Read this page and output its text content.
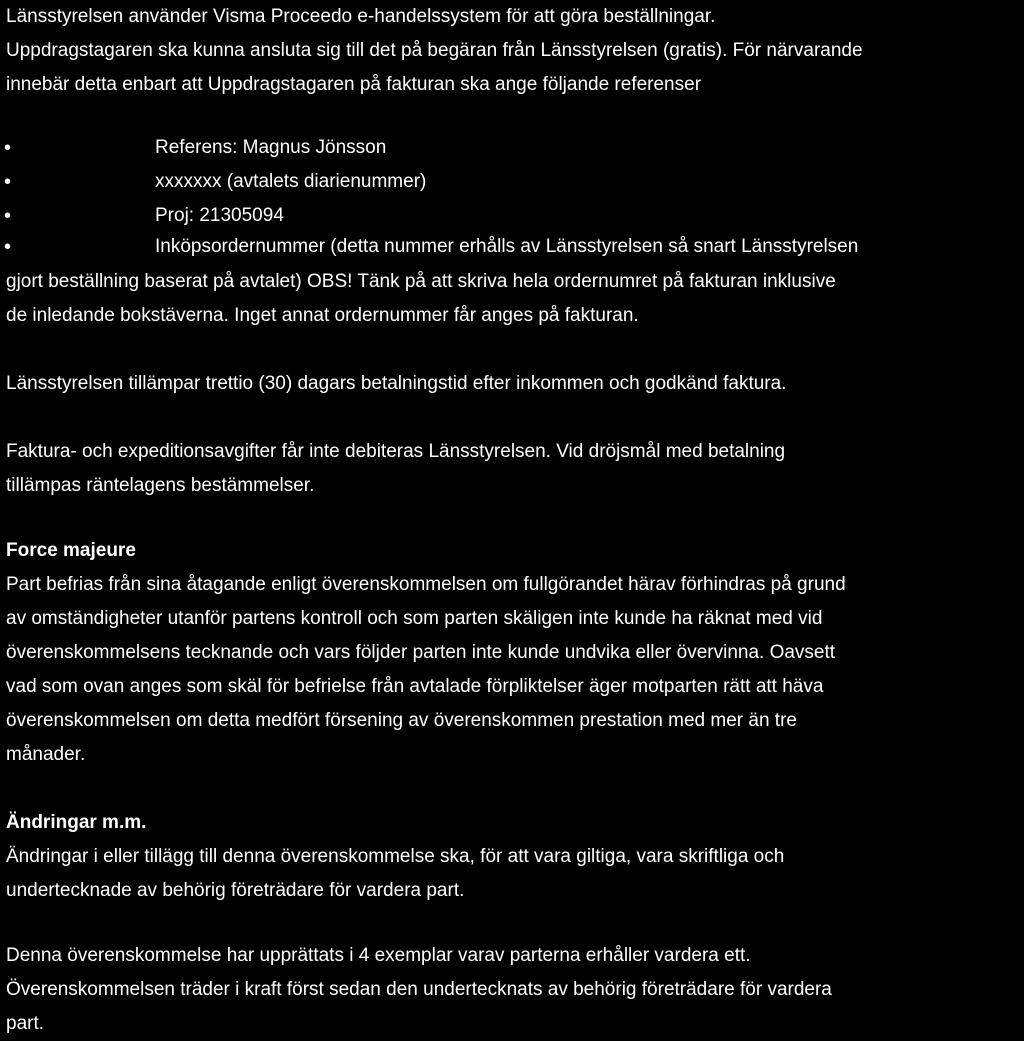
Länsstyrelsen använder Visma Proceedo e-handelssystem för att göra beställningar.
Uppdragstagaren ska kunna ansluta sig till det på begäran från Länsstyrelsen (gratis). För närvarande
innebär detta enbart att Uppdragstagaren på fakturan ska ange följande referenser
•	Referens: Magnus Jönsson
•	xxxxxxx (avtalets diarienummer)
•	Proj: 21305094
•	Inköpsordernummer (detta nummer erhålls av Länsstyrelsen så snart Länsstyrelsen
gjort beställning baserat på avtalet) OBS! Tänk på att skriva hela ordernumret på fakturan inklusive
de inledande bokstäverna. Inget annat ordernummer får anges på fakturan.
Länsstyrelsen tillämpar trettio (30) dagars betalningstid efter inkommen och godkänd faktura.
Faktura- och expeditionsavgifter får inte debiteras Länsstyrelsen. Vid dröjsmål med betalning
tillämpas räntelagens bestämmelser.
Force majeure
Part befrias från sina åtagande enligt överenskommelsen om fullgörandet härav förhindras på grund
av omständigheter utanför partens kontroll och som parten skäligen inte kunde ha räknat med vid
överenskommelsens tecknande och vars följder parten inte kunde undvika eller övervinna. Oavsett
vad som ovan anges som skäl för befrielse från avtalade förpliktelser äger motparten rätt att häva
överenskommelsen om detta medfört försening av överenskommen prestation med mer än tre
månader.
Ändringar m.m.
Ändringar i eller tillägg till denna överenskommelse ska, för att vara giltiga, vara skriftliga och
undertecknade av behörig företrädare för vardera part.
Denna överenskommelse har upprättats i 4 exemplar varav parterna erhåller vardera ett.
Överenskommelsen träder i kraft först sedan den undertecknats av behörig företrädare för vardera
part.
